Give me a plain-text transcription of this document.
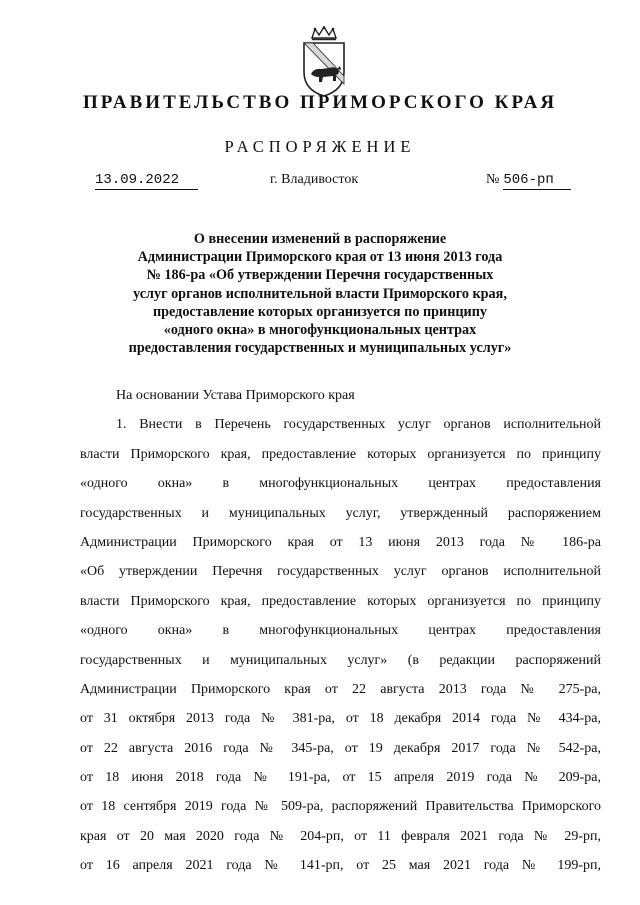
ПРАВИТЕЛЬСТВО ПРИМОРСКОГО КРАЯ
РАСПОРЯЖЕНИЕ
13.09.2022	г. Владивосток	№ 506-рп
О внесении изменений в распоряжение
Администрации Приморского края от 13 июня 2013 года
№ 186-ра «Об утверждении Перечня государственных
услуг органов исполнительной власти Приморского края,
предоставление которых организуется по принципу
«одного окна» в многофункциональных центрах
предоставления государственных и муниципальных услуг»
На основании Устава Приморского края
1. Внести в Перечень государственных услуг органов исполнительной
власти Приморского края, предоставление которых организуется по принципу
«одного окна» в многофункциональных центрах предоставления
государственных и муниципальных услуг, утвержденный распоряжением
Администрации Приморского края от 13 июня 2013 года № 186-ра
«Об утверждении Перечня государственных услуг органов исполнительной
власти Приморского края, предоставление которых организуется по принципу
«одного окна» в многофункциональных центрах предоставления
государственных и муниципальных услуг» (в редакции распоряжений
Администрации Приморского края от 22 августа 2013 года № 275-ра,
от 31 октября 2013 года № 381-ра, от 18 декабря 2014 года № 434-ра,
от 22 августа 2016 года № 345-ра, от 19 декабря 2017 года № 542-ра,
от 18 июня 2018 года № 191-ра, от 15 апреля 2019 года № 209-ра,
от 18 сентября 2019 года № 509-ра, распоряжений Правительства Приморского
края от 20 мая 2020 года № 204-рп, от 11 февраля 2021 года № 29-рп,
от 16 апреля 2021 года № 141-рп, от 25 мая 2021 года № 199-рп,
